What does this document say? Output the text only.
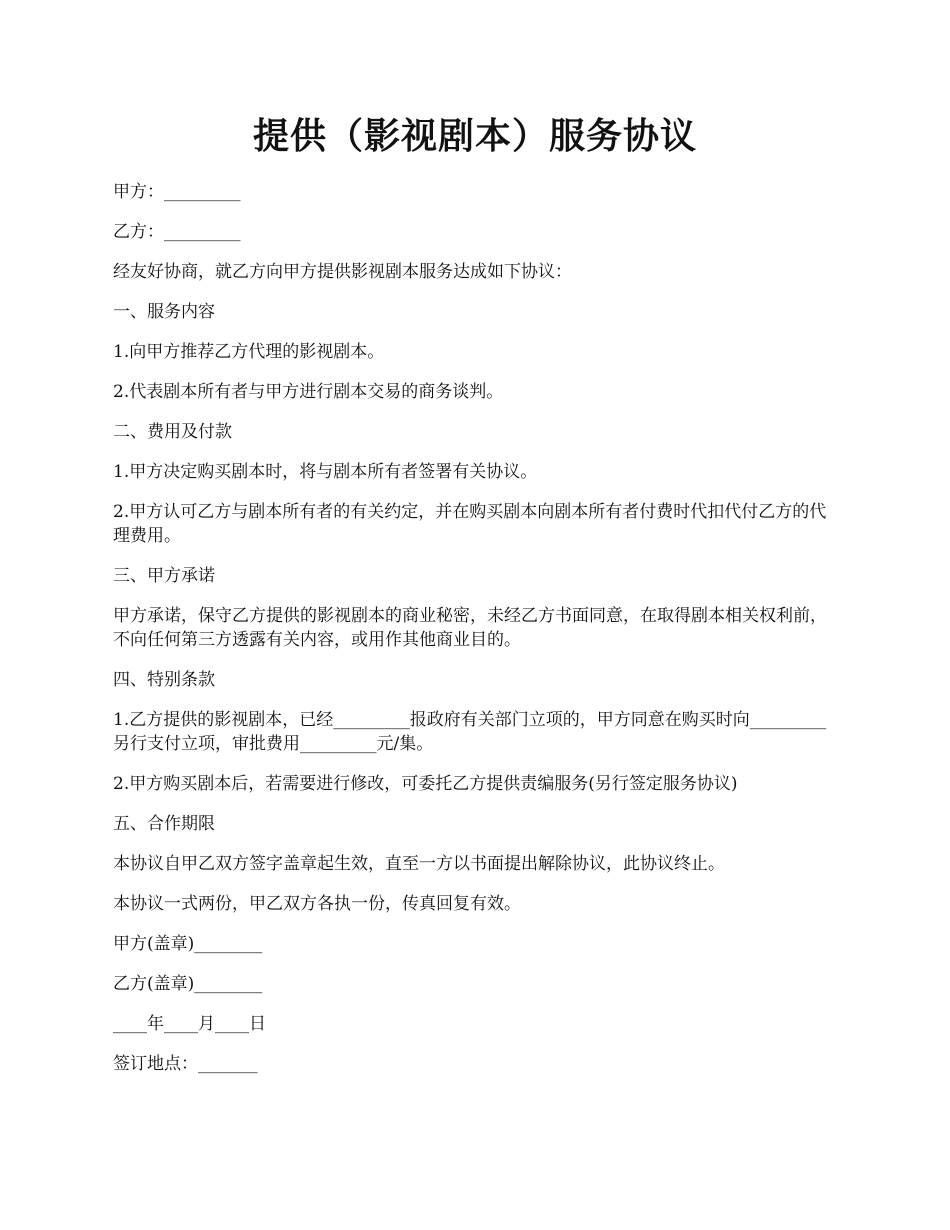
提供（影视剧本）服务协议

甲方：_________

乙方：_________

经友好协商，就乙方向甲方提供影视剧本服务达成如下协议：

一、服务内容

1.向甲方推荐乙方代理的影视剧本。

2.代表剧本所有者与甲方进行剧本交易的商务谈判。

二、费用及付款

1.甲方决定购买剧本时，将与剧本所有者签署有关协议。

2.甲方认可乙方与剧本所有者的有关约定，并在购买剧本向剧本所有者付费时代扣代付乙方的代理费用。

三、甲方承诺

甲方承诺，保守乙方提供的影视剧本的商业秘密，未经乙方书面同意，在取得剧本相关权利前，不向任何第三方透露有关内容，或用作其他商业目的。

四、特别条款

1.乙方提供的影视剧本，已经_________报政府有关部门立项的，甲方同意在购买时向_________另行支付立项，审批费用_________元/集。

2.甲方购买剧本后，若需要进行修改，可委托乙方提供责编服务(另行签定服务协议)

五、合作期限

本协议自甲乙双方签字盖章起生效，直至一方以书面提出解除协议，此协议终止。

本协议一式两份，甲乙双方各执一份，传真回复有效。

甲方(盖章)________

乙方(盖章)________

____年____月____日

签订地点：_______
